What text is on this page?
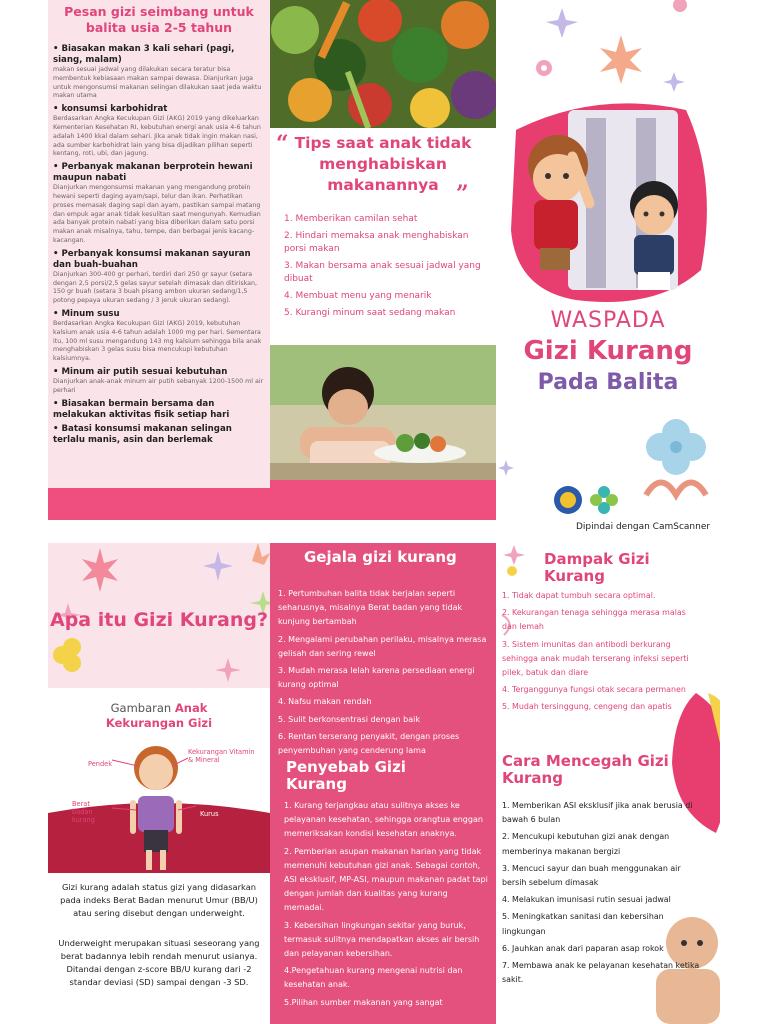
Pesan gizi seimbang untuk balita usia 2-5 tahun
• Biasakan makan 3 kali sehari (pagi, siang, malam)
makan sesuai jadwal yang dilakukan secara teratur bisa membentuk kebiasaan makan sampai dewasa. Dianjurkan juga untuk mengonsumsi makanan selingan dilakukan saat jeda waktu makan utama
• konsumsi karbohidrat
Berdasarkan Angka Kecukupan Gizi (AKG) 2019 yang dikeluarkan Kementerian Kesehatan RI, kebutuhan energi anak usia 4-6 tahun adalah 1400 kkal dalam sehari. Jika anak tidak ingin makan nasi, ada sumber karbohidrat lain yang bisa dijadikan pilihan seperti kentang, roti, ubi, dan jagung.
• Perbanyak makanan berprotein hewani maupun nabati
Dianjurkan mengonsumsi makanan yang mengandung protein hewani seperti daging ayam/sapi, telur dan ikan. Perhatikan proses memasak daging sapi dan ayam, pastikan sampai matang dan empuk agar anak tidak kesulitan saat mengunyah. Kemudian ada banyak protein nabati yang bisa diberikan dalam satu porsi makan anak misalnya, tahu, tempe, dan berbagai jenis kacang-kacangan.
• Perbanyak konsumsi makanan sayuran dan buah-buahan
Dianjurkan 300-400 gr perhari, terdiri dari 250 gr sayur (setara dengan 2,5 porsi/2,5 gelas sayur setelah dimasak dan ditiriskan, 150 gr buah (setara 3 buah pisang ambon ukuran sedang/1,5 potong pepaya ukuran sedang / 3 jeruk ukuran sedang).
• Minum susu
Berdasarkan Angka Kecukupan Gizi (AKG) 2019, kebutuhan kalsium anak usia 4-6 tahun adalah 1000 mg per hari. Sementara itu, 100 ml susu mengandung 143 mg kalsium sehingga bila anak menghabiskan 3 gelas susu bisa mencukupi kebutuhan kalsiumnya.
• Minum air putih sesuai kebutuhan
Dianjurkan anak-anak minum air putih sebanyak 1200-1500 ml air perhari
• Biasakan bermain bersama dan melakukan aktivitas fisik setiap hari
• Batasi konsumsi makanan selingan terlalu manis, asin dan berlemak
“ Tips saat anak tidak menghabiskan makanannya ”
1. Memberikan camilan sehat
2. Hindari memaksa anak menghabiskan porsi makan
3. Makan bersama anak sesuai jadwal yang dibuat
4. Membuat menu yang menarik
5. Kurangi minum saat sedang makan	WASPADA
Gizi Kurang
Pada Balita
Dipindai dengan CamScanner
Apa itu Gizi Kurang?
Gambaran Anak
Kekurangan Gizi
Pendek
Kekurangan Vitamin & Mineral
Berat badan kurang
Kurus
Gizi kurang adalah status gizi yang didasarkan pada indeks Berat Badan menurut Umur (BB/U) atau sering disebut dengan underweight.
Underweight merupakan situasi seseorang yang berat badannya lebih rendah menurut usianya. Ditandai dengan z-score BB/U kurang dari -2 standar deviasi (SD) sampai dengan -3 SD.
Gejala gizi kurang
1. Pertumbuhan balita tidak berjalan seperti seharusnya, misalnya Berat badan yang tidak kunjung bertambah
2. Mengalami perubahan perilaku, misalnya merasa gelisah dan sering rewel
3. Mudah merasa lelah karena persediaan energi kurang optimal
4. Nafsu makan rendah
5. Sulit berkonsentrasi dengan baik
6. Rentan terserang penyakit, dengan proses penyembuhan yang cenderung lama
Penyebab Gizi Kurang
1. Kurang terjangkau atau sulitnya akses ke pelayanan kesehatan, sehingga orangtua enggan memeriksakan kondisi kesehatan anaknya.
2. Pemberian asupan makanan harian yang tidak memenuhi kebutuhan gizi anak. Sebagai contoh, ASI eksklusif, MP-ASI, maupun makanan padat tapi dengan jumlah dan kualitas yang kurang memadai.
3. Kebersihan lingkungan sekitar yang buruk, termasuk sulitnya mendapatkan akses air bersih dan pelayanan kebersihan.
4.Pengetahuan kurang mengenai nutrisi dan kesehatan anak.
5.Pilihan sumber makanan yang sangat
Dampak Gizi Kurang
1. Tidak dapat tumbuh secara optimal.
2. Kekurangan tenaga sehingga merasa malas dan lemah
3. Sistem imunitas dan antibodi berkurang sehingga anak mudah terserang infeksi seperti pilek, batuk dan diare
4. Terganggunya fungsi otak secara permanen
5. Mudah tersinggung, cengeng dan apatis
Cara Mencegah Gizi Kurang
1. Memberikan ASI eksklusif jika anak berusia di bawah 6 bulan
2. Mencukupi kebutuhan gizi anak dengan memberinya makanan bergizi
3. Mencuci sayur dan buah menggunakan air bersih sebelum dimasak
4. Melakukan imunisasi rutin sesuai jadwal
5. Meningkatkan sanitasi dan kebersihan lingkungan
6. Jauhkan anak dari paparan asap rokok
7. Membawa anak ke pelayanan kesehatan ketika sakit.
